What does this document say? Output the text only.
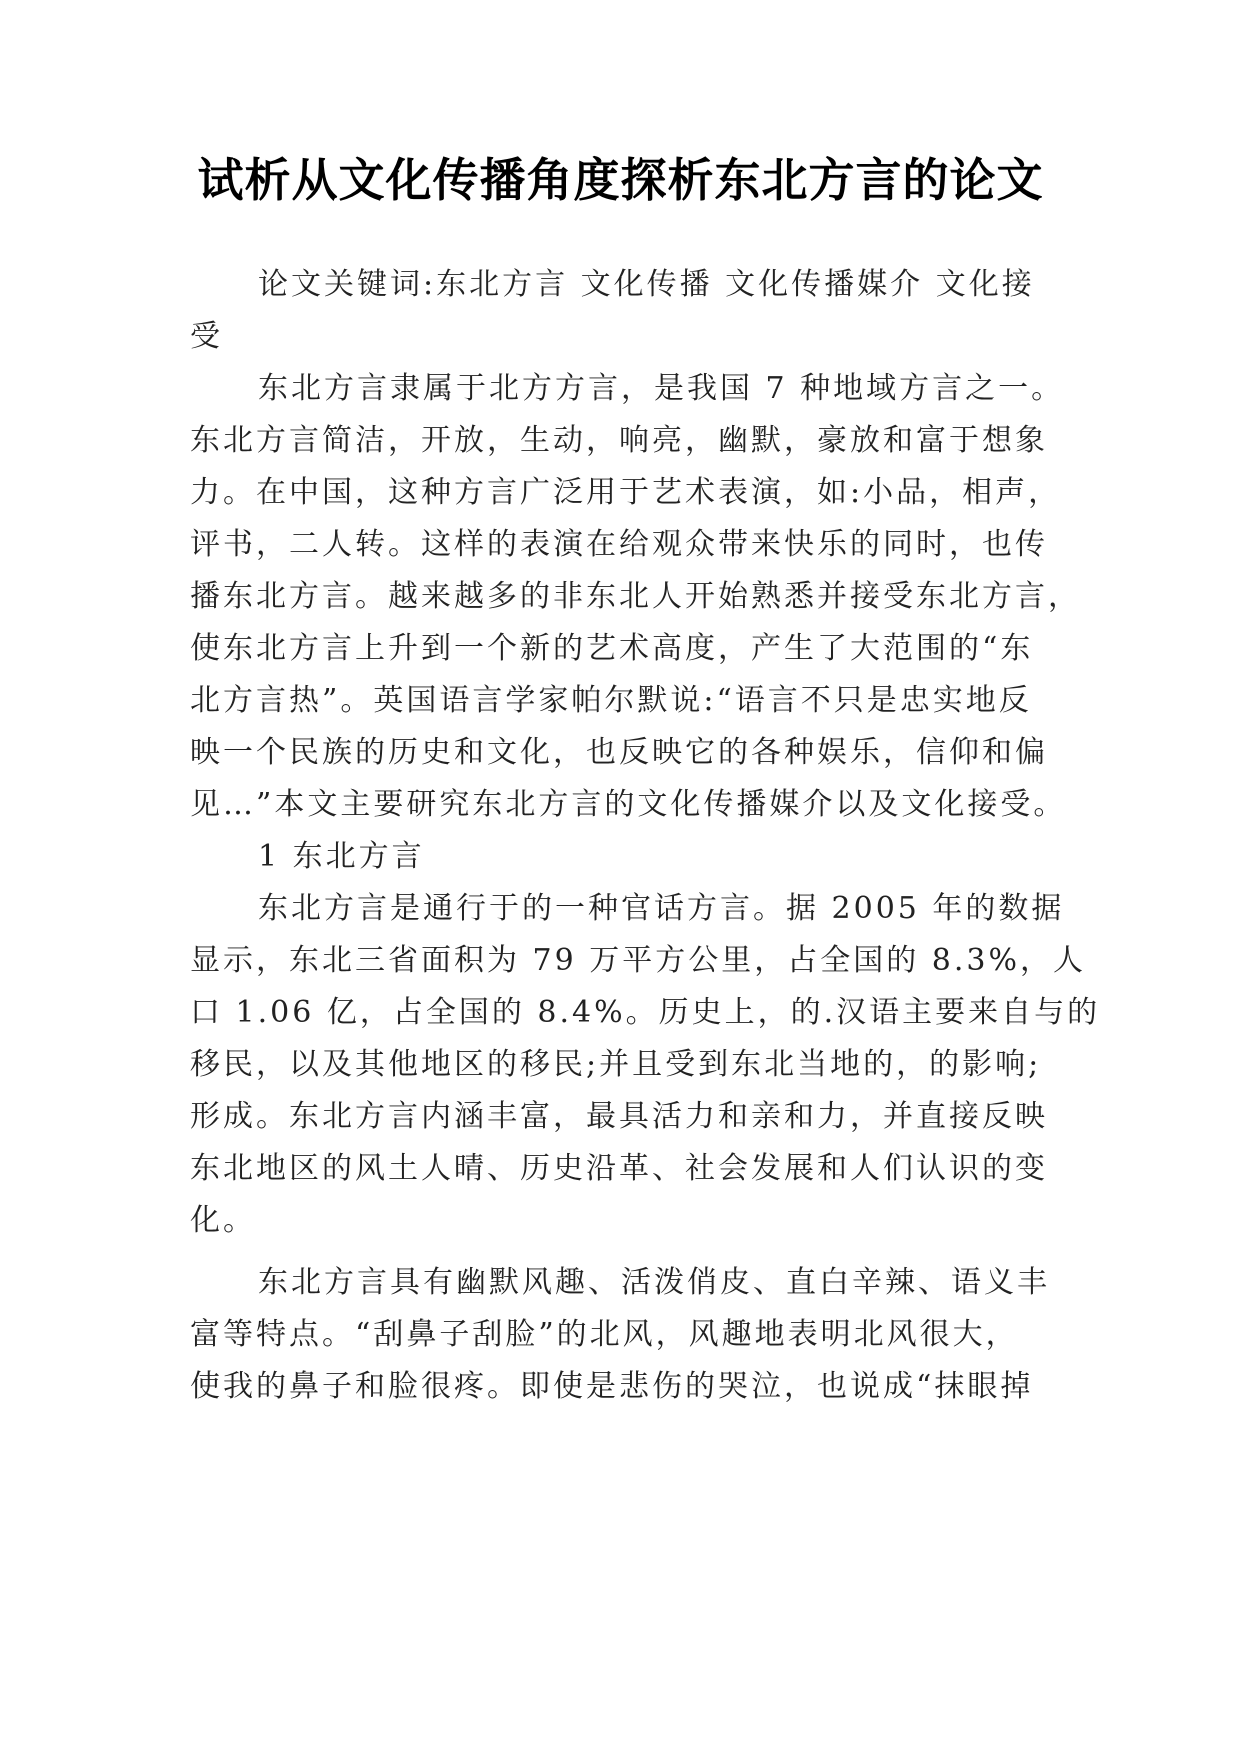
试析从文化传播角度探析东北方言的论文
论文关键词:东北方言 文化传播 文化传播媒介 文化接
受
东北方言隶属于北方方言，是我国 7 种地域方言之一。
东北方言简洁，开放，生动，响亮，幽默，豪放和富于想象
力。在中国，这种方言广泛用于艺术表演，如:小品，相声，
评书，二人转。这样的表演在给观众带来快乐的同时，也传
播东北方言。越来越多的非东北人开始熟悉并接受东北方言，
使东北方言上升到一个新的艺术高度，产生了大范围的“东
北方言热”。英国语言学家帕尔默说:“语言不只是忠实地反
映一个民族的历史和文化，也反映它的各种娱乐，信仰和偏
见…”本文主要研究东北方言的文化传播媒介以及文化接受。
1 东北方言
东北方言是通行于的一种官话方言。据 2005 年的数据
显示，东北三省面积为 79 万平方公里，占全国的 8.3%，人
口 1.06 亿，占全国的 8.4%。历史上，的.汉语主要来自与的
移民，以及其他地区的移民;并且受到东北当地的，的影响;
形成。东北方言内涵丰富，最具活力和亲和力，并直接反映
东北地区的风土人晴、历史沿革、社会发展和人们认识的变
化。
东北方言具有幽默风趣、活泼俏皮、直白辛辣、语义丰
富等特点。“刮鼻子刮脸”的北风，风趣地表明北风很大，
使我的鼻子和脸很疼。即使是悲伤的哭泣，也说成“抹眼掉
